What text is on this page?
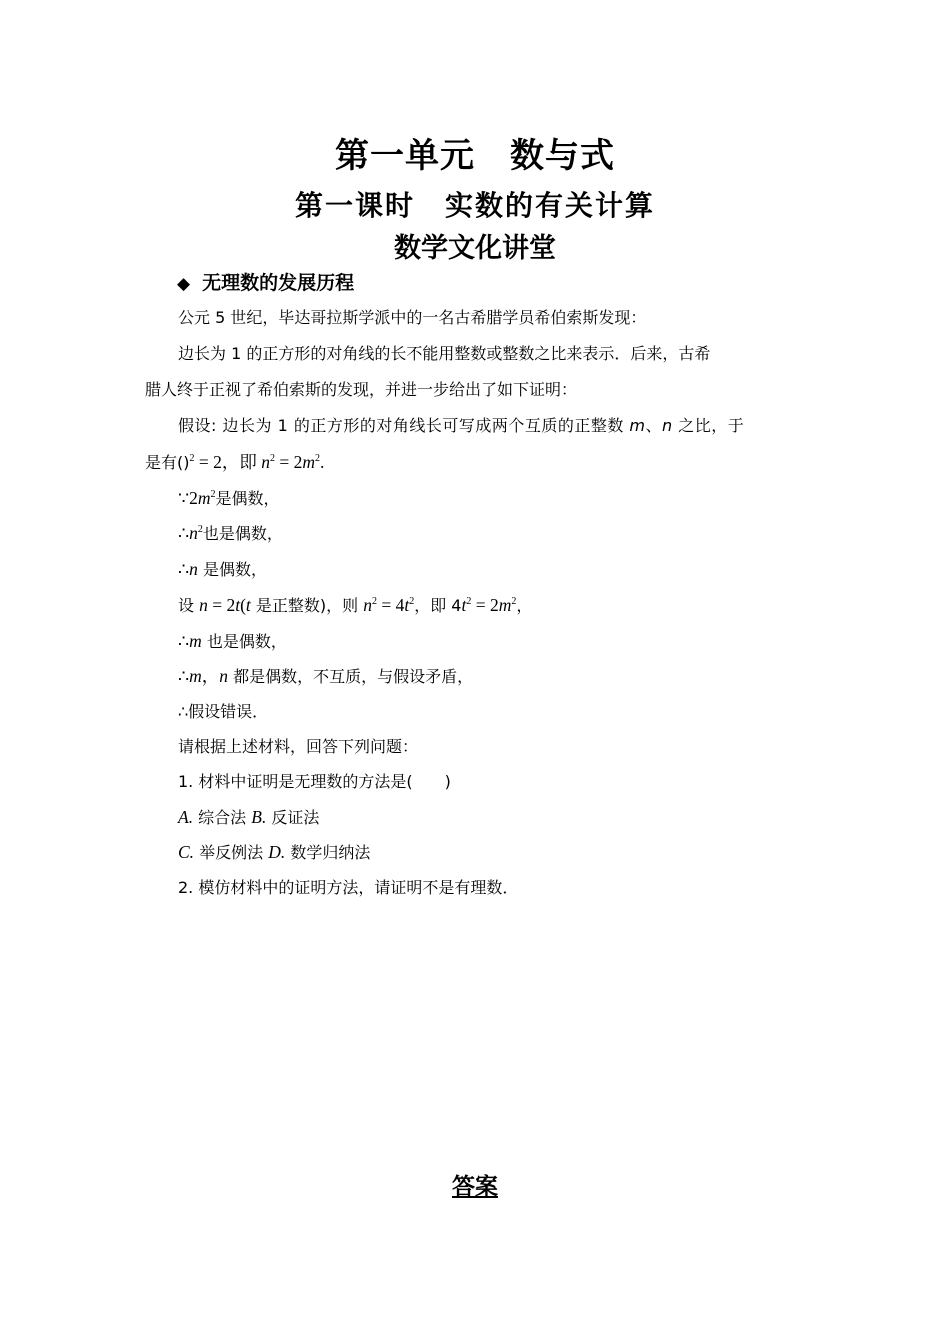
第一单元　数与式
第一课时　实数的有关计算
数学文化讲堂
◆ 无理数的发展历程
公元 5 世纪，毕达哥拉斯学派中的一名古希腊学员希伯索斯发现：
边长为 1 的正方形的对角线的长不能用整数或整数之比来表示．后来，古希
腊人终于正视了希伯索斯的发现，并进一步给出了如下证明：
假设: 边长为 1 的正方形的对角线长可写成两个互质的正整数 m、n 之比，于
是有()$^2$ = 2，即 $n^2 = 2m^2$.
$\because 2m^2$是偶数，
$\therefore n^2$也是偶数，
∴n 是偶数，
设 n = 2t(t 是正整数)，则 $n^2 = 4t^2$，即 $4t^2 = 2m^2$，
∴m 也是偶数，
∴m，n 都是偶数，不互质，与假设矛盾，
∴假设错误．
请根据上述材料，回答下列问题：
1. 材料中证明是无理数的方法是(　　)
A. 综合法 B. 反证法
C. 举反例法 D. 数学归纳法
2. 模仿材料中的证明方法，请证明不是有理数．
答案
